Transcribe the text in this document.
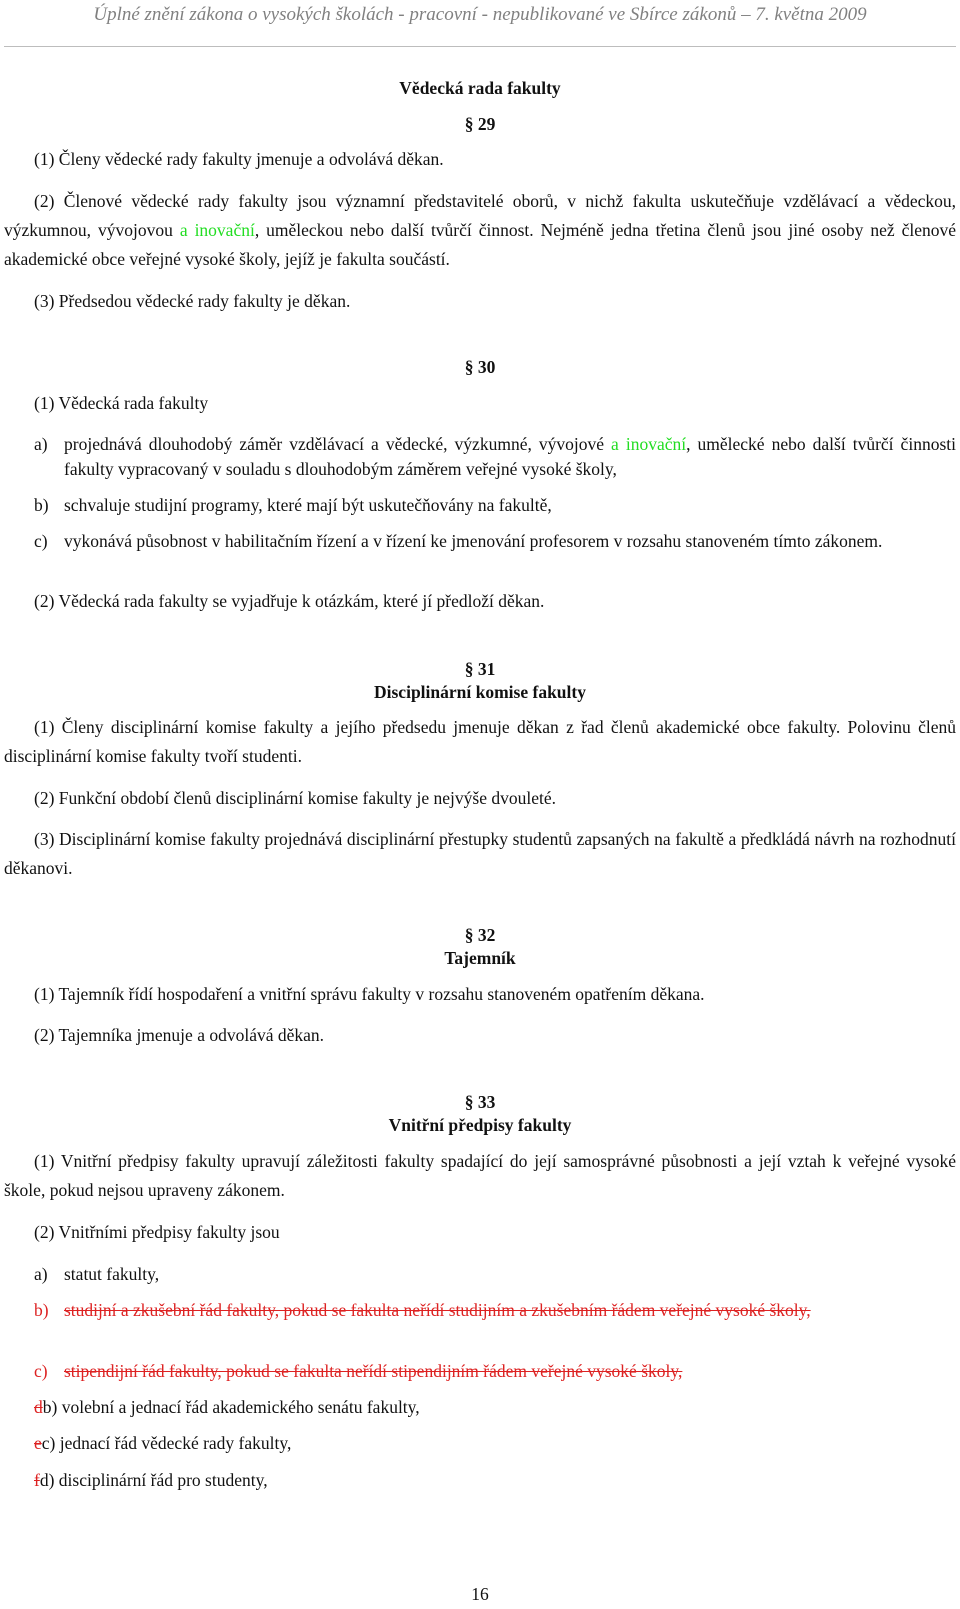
Úplné znění zákona o vysokých školách - pracovní - nepublikované ve Sbírce zákonů – 7. května 2009
Vědecká rada fakulty
§ 29
(1) Členy vědecké rady fakulty jmenuje a odvolává děkan.
(2) Členové vědecké rady fakulty jsou významní představitelé oborů, v nichž fakulta uskutečňuje vzdělávací a vědeckou, výzkumnou, vývojovou a inovační, uměleckou nebo další tvůrčí činnost. Nejméně jedna třetina členů jsou jiné osoby než členové akademické obce veřejné vysoké školy, jejíž je fakulta součástí.
(3) Předsedou vědecké rady fakulty je děkan.
§ 30
(1) Vědecká rada fakulty
a) projednává dlouhodobý záměr vzdělávací a vědecké, výzkumné, vývojové a inovační, umělecké nebo další tvůrčí činnosti fakulty vypracovaný v souladu s dlouhodobým záměrem veřejné vysoké školy,
b) schvaluje studijní programy, které mají být uskutečňovány na fakultě,
c) vykonává působnost v habilitačním řízení a v řízení ke jmenování profesorem v rozsahu stanoveném tímto zákonem.
(2) Vědecká rada fakulty se vyjadřuje k otázkám, které jí předloží děkan.
§ 31
Disciplinární komise fakulty
(1) Členy disciplinární komise fakulty a jejího předsedu jmenuje děkan z řad členů akademické obce fakulty. Polovinu členů disciplinární komise fakulty tvoří studenti.
(2) Funkční období členů disciplinární komise fakulty je nejvýše dvouleté.
(3) Disciplinární komise fakulty projednává disciplinární přestupky studentů zapsaných na fakultě a předkládá návrh na rozhodnutí děkanovi.
§ 32
Tajemník
(1) Tajemník řídí hospodaření a vnitřní správu fakulty v rozsahu stanoveném opatřením děkana.
(2) Tajemníka jmenuje a odvolává děkan.
§ 33
Vnitřní předpisy fakulty
(1) Vnitřní předpisy fakulty upravují záležitosti fakulty spadající do její samosprávné působnosti a její vztah k veřejné vysoké škole, pokud nejsou upraveny zákonem.
(2) Vnitřními předpisy fakulty jsou
a) statut fakulty,
b) studijní a zkušební řád fakulty, pokud se fakulta neřídí studijním a zkušebním řádem veřejné vysoké školy,
c) stipendijní řád fakulty, pokud se fakulta neřídí stipendijním řádem veřejné vysoké školy,
db) volební a jednací řád akademického senátu fakulty,
ec) jednací řád vědecké rady fakulty,
fd) disciplinární řád pro studenty,
16
